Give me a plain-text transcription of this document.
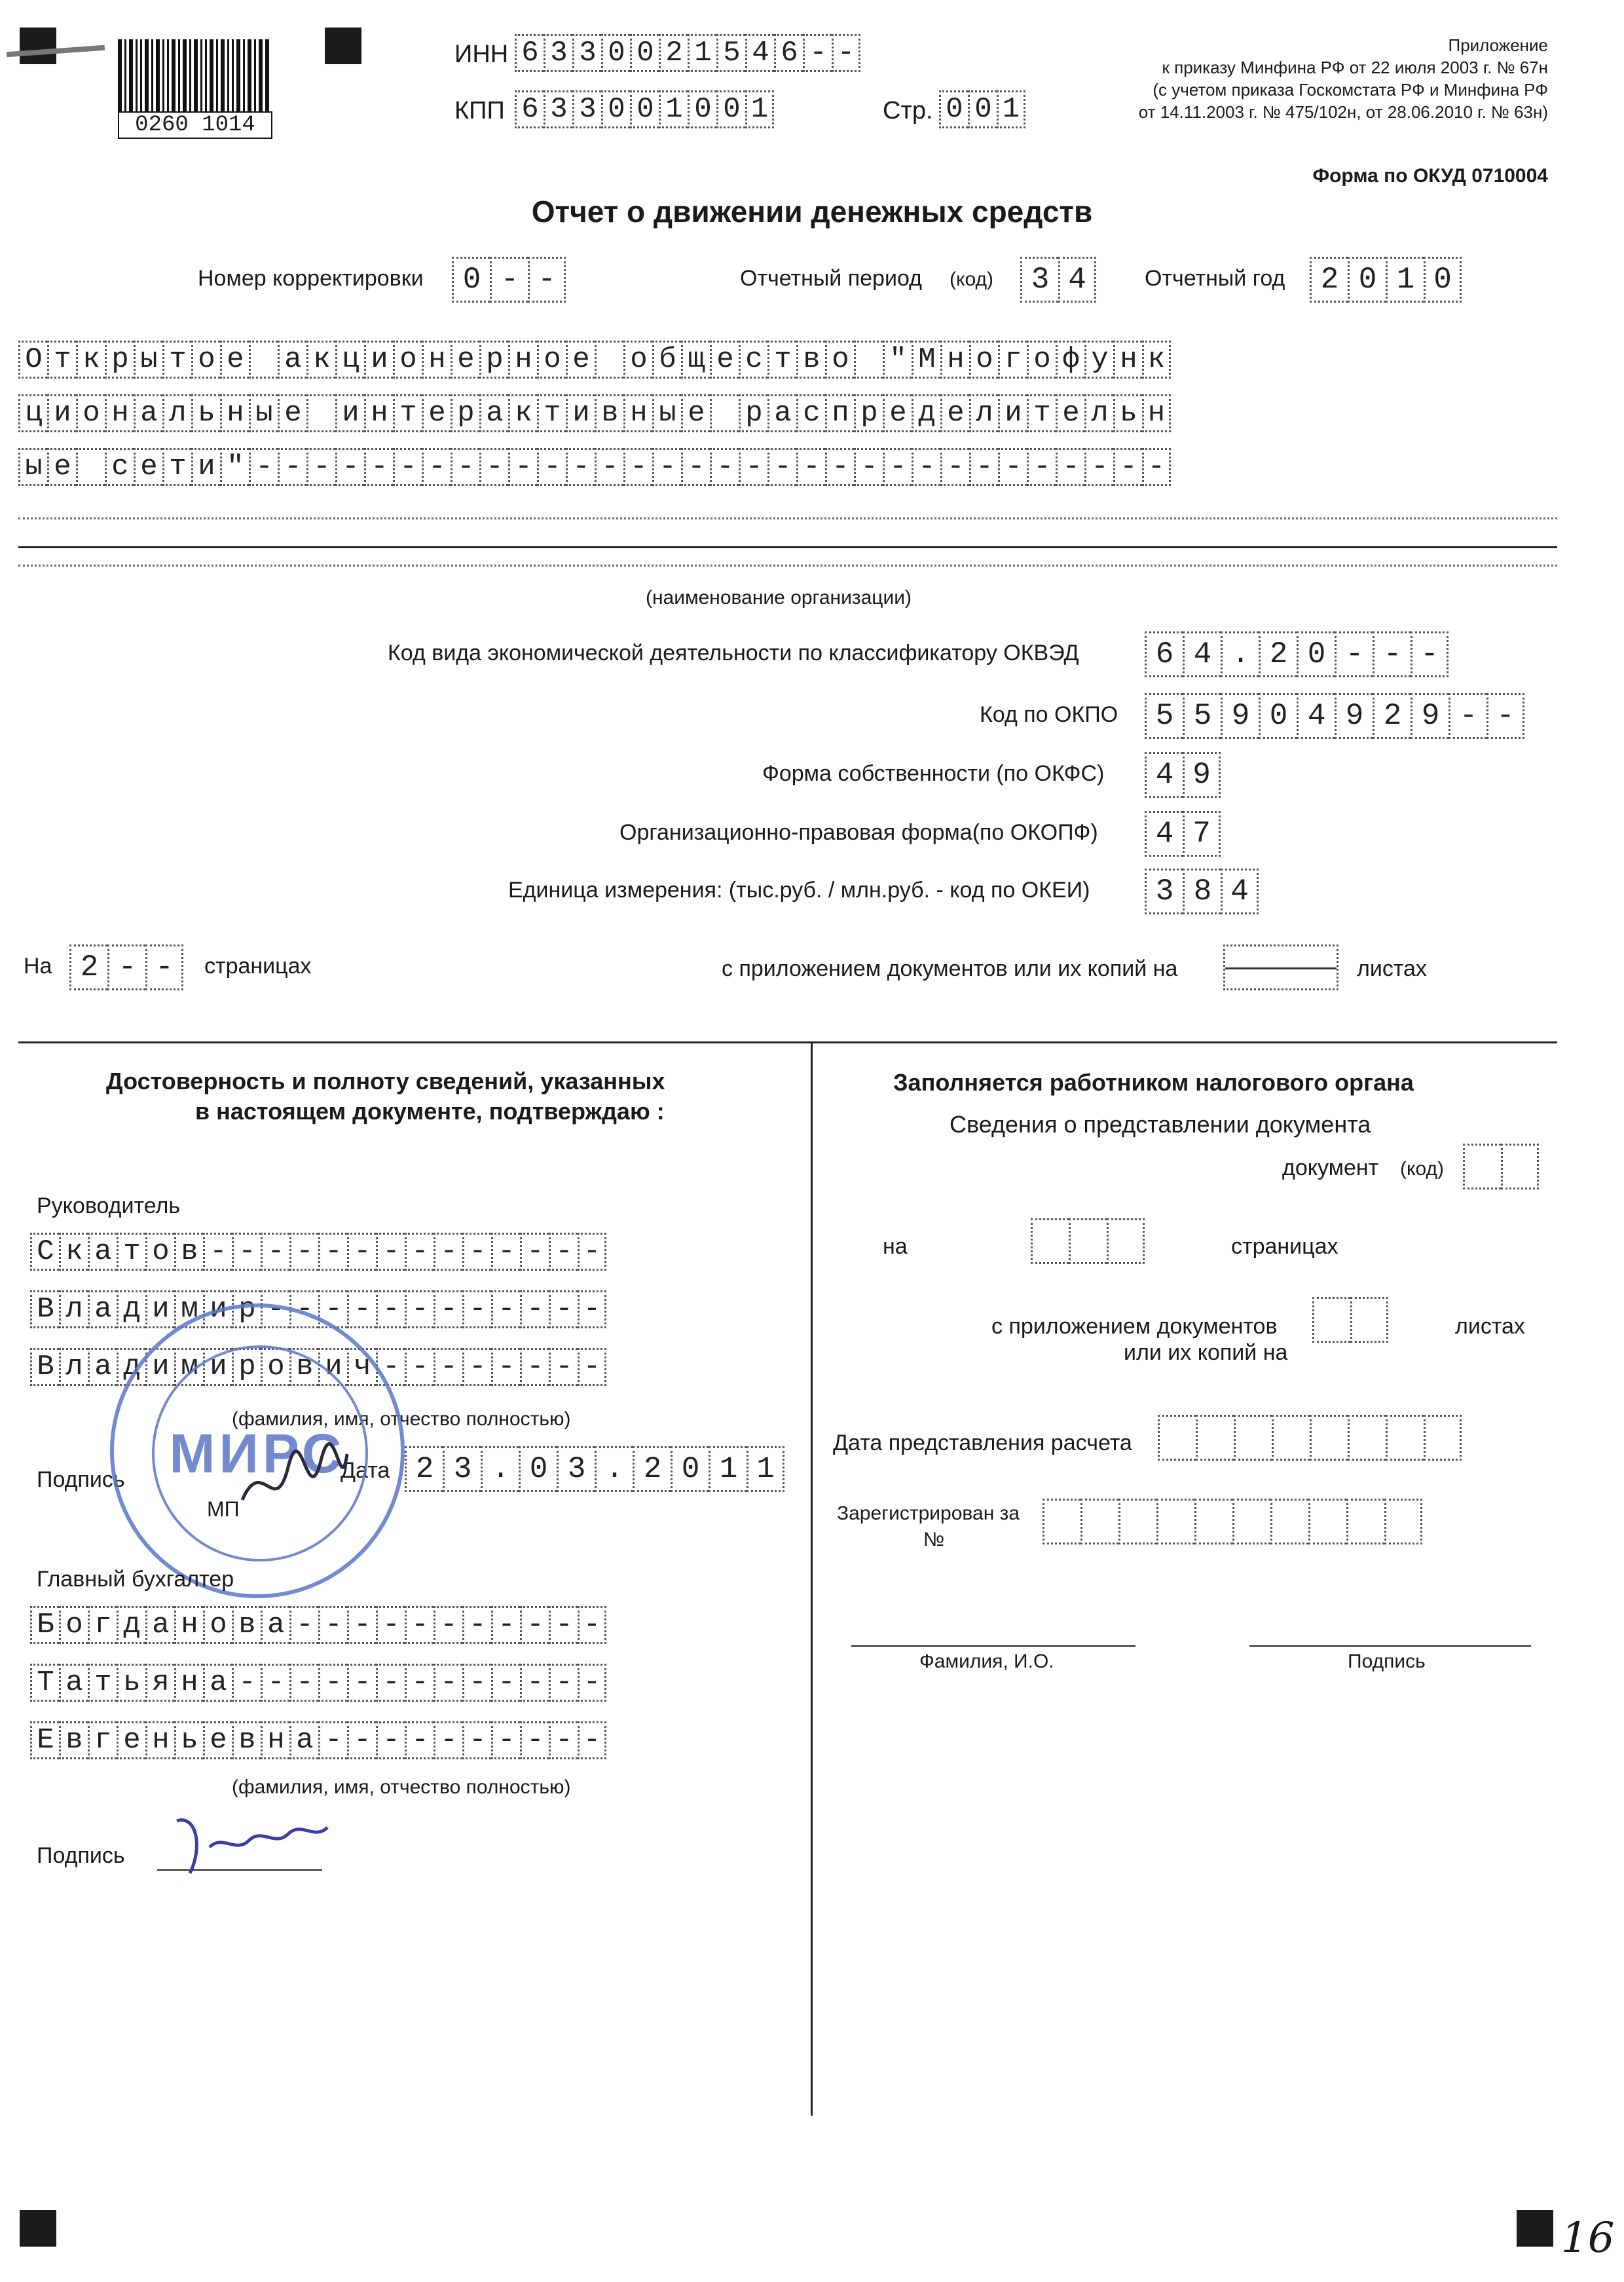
0260 1014
ИНН 6 3 3 0 0 2 1 5 4 6 - -
КПП 6 3 3 0 0 1 0 0 1	Стр. 0 0 1
Приложение
к приказу Минфина РФ от 22 июля 2003 г. № 67н
(с учетом приказа Госкомстата РФ и Минфина РФ
от 14.11.2003 г. № 475/102н, от 28.06.2010 г. № 63н)
Форма по ОКУД 0710004
Отчет о движении денежных средств
Номер корректировки	0 - -	Отчетный период (код)	3 4	Отчетный год	2 0 1 0
О т к р ы т о е а к ц и о н е р н о е о б щ е с т в о " М н о г о ф у н к
ц и о н а л ь н ы е и н т е р а к т и в н ы е р а с п р е д е л и т е л ь н
ы е с е т и " - - - - - - - - - - - - - - - - - - - - - - - - - - - - - - - -
(наименование организации)
Код вида экономической деятельности по классификатору ОКВЭД	6 4 . 2 0 - - -
Код по ОКПО	5 5 9 0 4 9 2 9 - -
Форма собственности (по ОКФС)	4 9
Организационно-правовая форма(по ОКОПФ)	4 7
Единица измерения: (тыс.руб. / млн.руб. - код по ОКЕИ)	3 8 4
На 2 - -	страницах	с приложением документов или их копий на	листах
Достоверность и полноту сведений, указанных
в настоящем документе, подтверждаю :
Руководитель
С к а т о в - - - - - - - - - - - - - -
В л а д и м и р - - - - - - - - - - - -
В л а д и м и р о в и ч - - - - - - - -
(фамилия, имя, отчество полностью)
Подпись
МП
Дата 2 3 . 0 3 . 2 0 1 1
МИРС
Главный бухгалтер
Б о г д а н о в а - - - - - - - - - - -
Т а т ь я н а - - - - - - - - - - - - -
Е в г е н ь е в н а - - - - - - - - - -
(фамилия, имя, отчество полностью)
Подпись
Заполняется работником налогового органа
Сведения о представлении документа
документ (код)
на	страницах
с приложением документов
или их копий на
листах
Дата представления расчета
Зарегистрирован за
№
Фамилия, И.О.	Подпись
16
